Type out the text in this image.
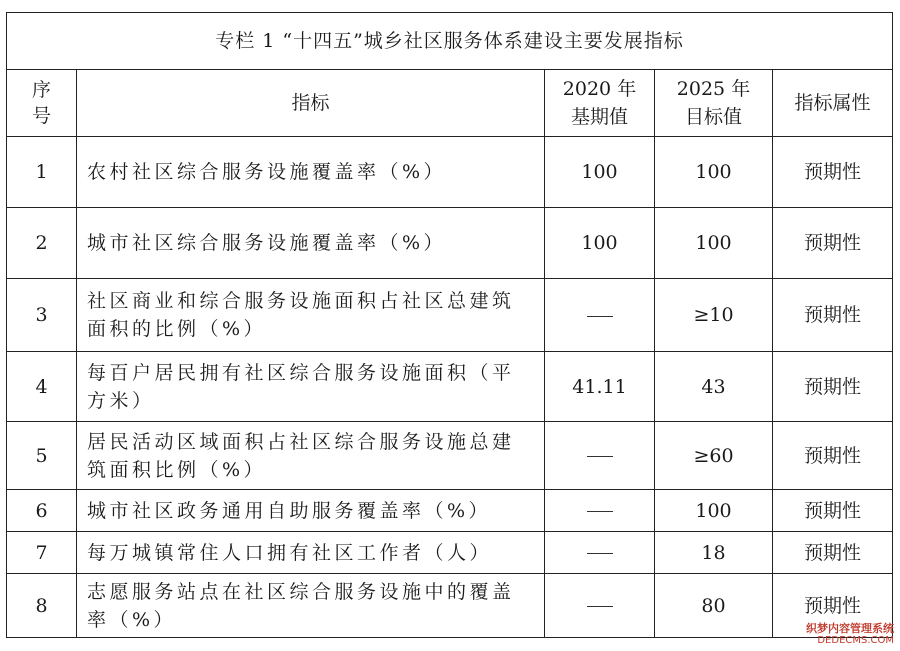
专栏 1 “十四五”城乡社区服务体系建设主要发展指标				
序号	指标	2020 年基期值	2025 年目标值	指标属性
1	农村社区综合服务设施覆盖率（%）	100	100	预期性
2	城市社区综合服务设施覆盖率（%）	100	100	预期性
3	社区商业和综合服务设施面积占社区总建筑面积的比例（%）		≥10	预期性
4	每百户居民拥有社区综合服务设施面积（平方米）	41.11	43	预期性
5	居民活动区域面积占社区综合服务设施总建筑面积比例（%）		≥60	预期性
6	城市社区政务通用自助服务覆盖率（%）		100	预期性
7	每万城镇常住人口拥有社区工作者（人）		18	预期性
8	志愿服务站点在社区综合服务设施中的覆盖率（%）		80	预期性
织梦内容管理系统
DEDECMS.COM
